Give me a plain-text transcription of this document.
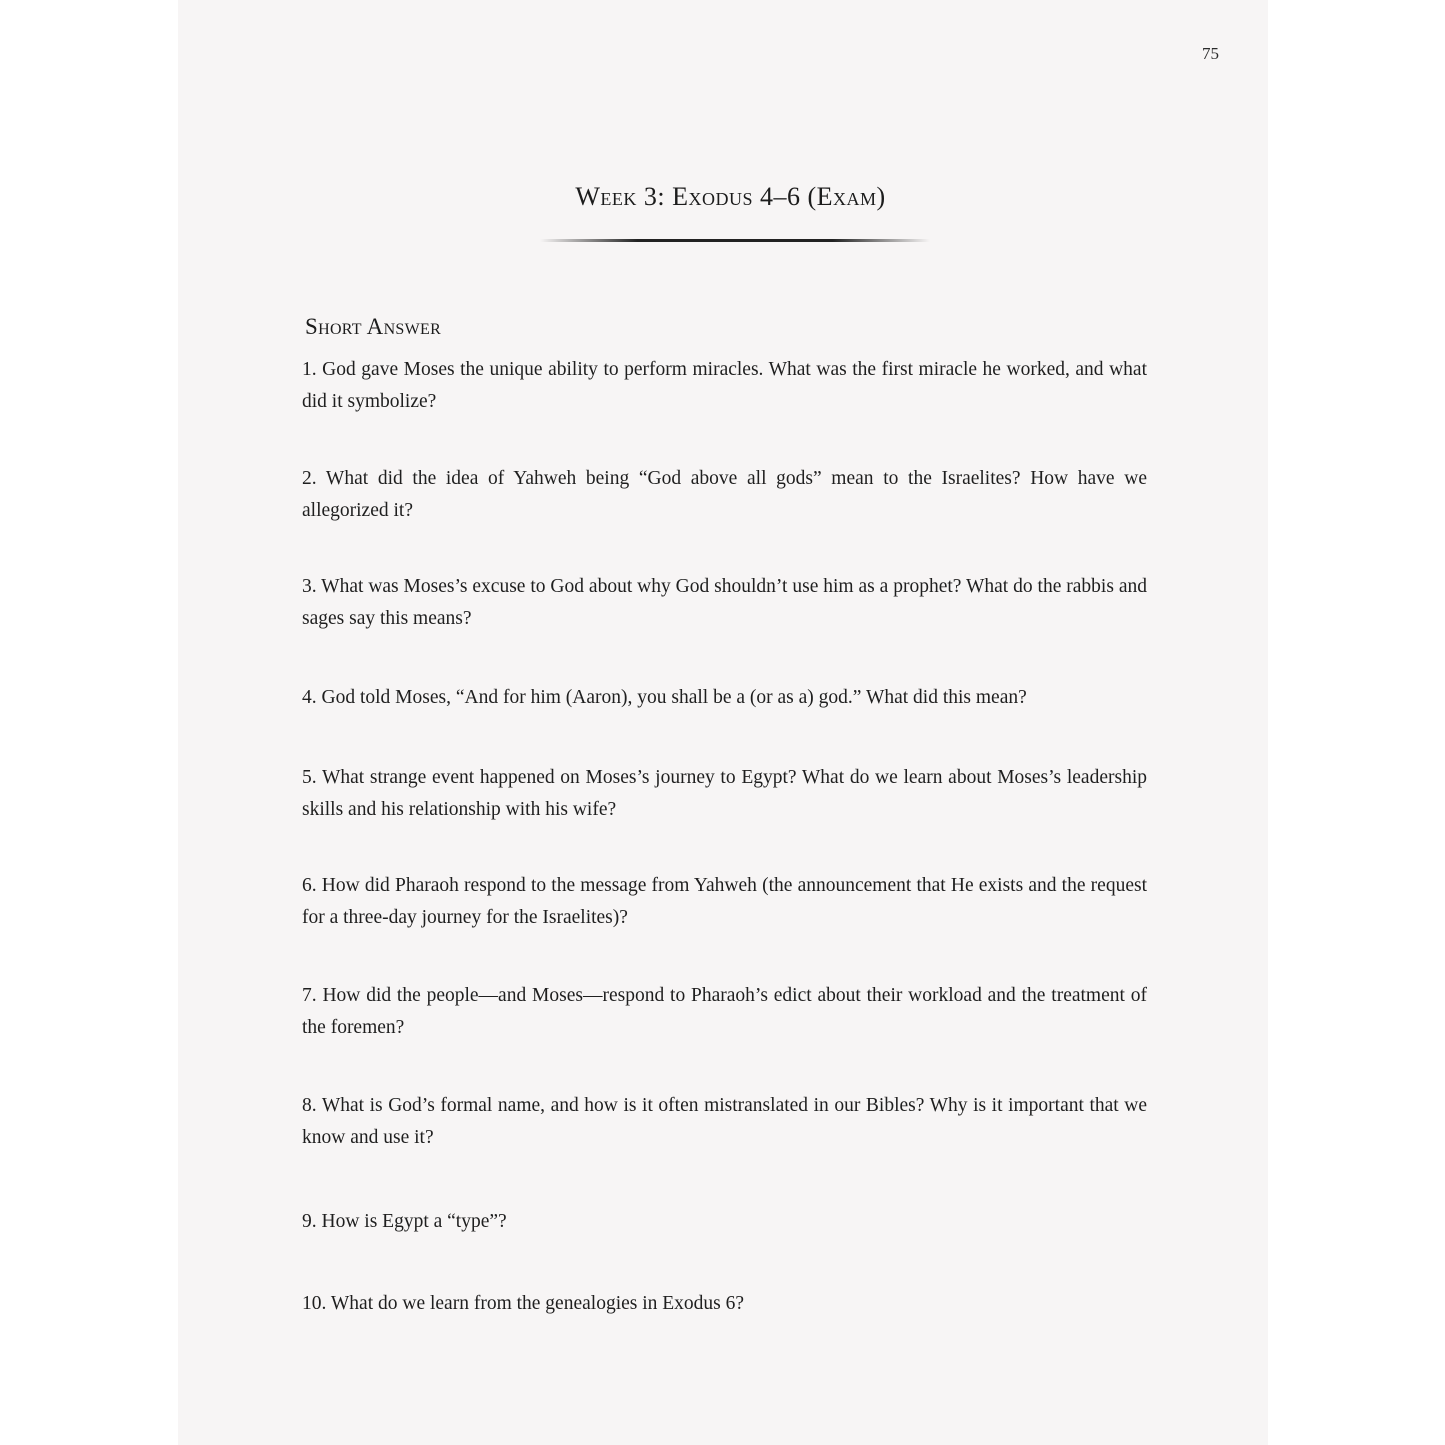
75
Week 3: Exodus 4–6 (Exam)
Short Answer

1. God gave Moses the unique ability to perform miracles. What was the first miracle he worked, and what did it symbolize?

2. What did the idea of Yahweh being “God above all gods” mean to the Israelites? How have we allegorized it?

3. What was Moses’s excuse to God about why God shouldn’t use him as a prophet? What do the rabbis and sages say this means?

4. God told Moses, “And for him (Aaron), you shall be a (or as a) god.” What did this mean?

5. What strange event happened on Moses’s journey to Egypt? What do we learn about Moses’s leadership skills and his relationship with his wife?

6. How did Pharaoh respond to the message from Yahweh (the announcement that He exists and the request for a three-day journey for the Israelites)?

7. How did the people—and Moses—respond to Pharaoh’s edict about their workload and the treatment of the foremen?

8. What is God’s formal name, and how is it often mistranslated in our Bibles? Why is it important that we know and use it?

9. How is Egypt a “type”?

10. What do we learn from the genealogies in Exodus 6?
